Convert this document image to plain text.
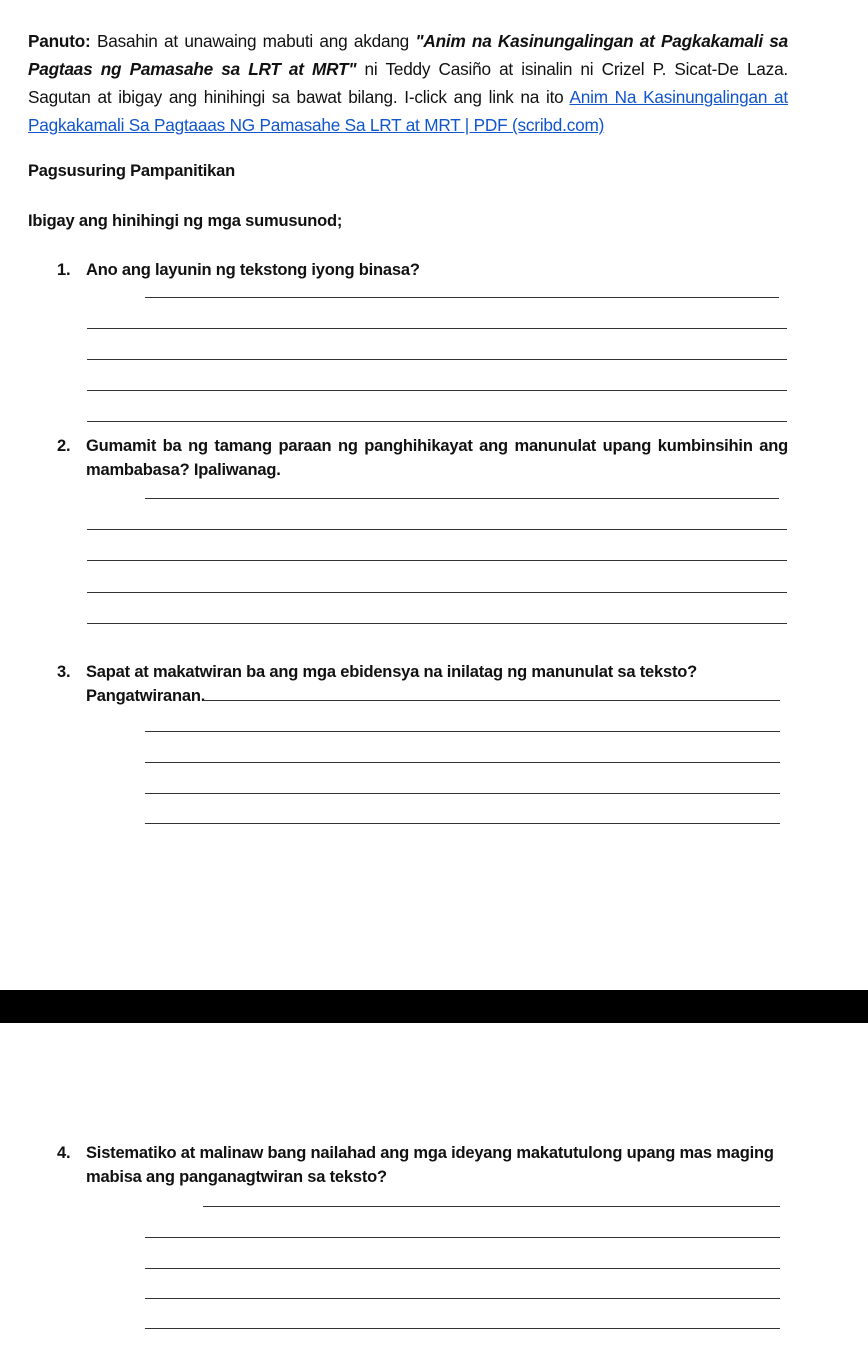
Panuto: Basahin at unawaing mabuti ang akdang "Anim na Kasinungalingan at Pagkakamali sa Pagtaas ng Pamasahe sa LRT at MRT" ni Teddy Casiño at isinalin ni Crizel P. Sicat-De Laza. Sagutan at ibigay ang hinihingi sa bawat bilang. I-click ang link na ito Anim Na Kasinungalingan at Pagkakamali Sa Pagtaaas NG Pamasahe Sa LRT at MRT | PDF (scribd.com)

Pagsusuring Pampanitikan
Ibigay ang hinihingi ng mga sumusunod;
1. Ano ang layunin ng tekstong iyong binasa?
2. Gumamit ba ng tamang paraan ng panghihikayat ang manunulat upang kumbinsihin ang mambabasa? Ipaliwanag.
3. Sapat at makatwiran ba ang mga ebidensya na inilatag ng manunulat sa teksto? Pangatwiranan.
4. Sistematiko at malinaw bang nailahad ang mga ideyang makatutulong upang mas maging mabisa ang panganagtwiran sa teksto?
